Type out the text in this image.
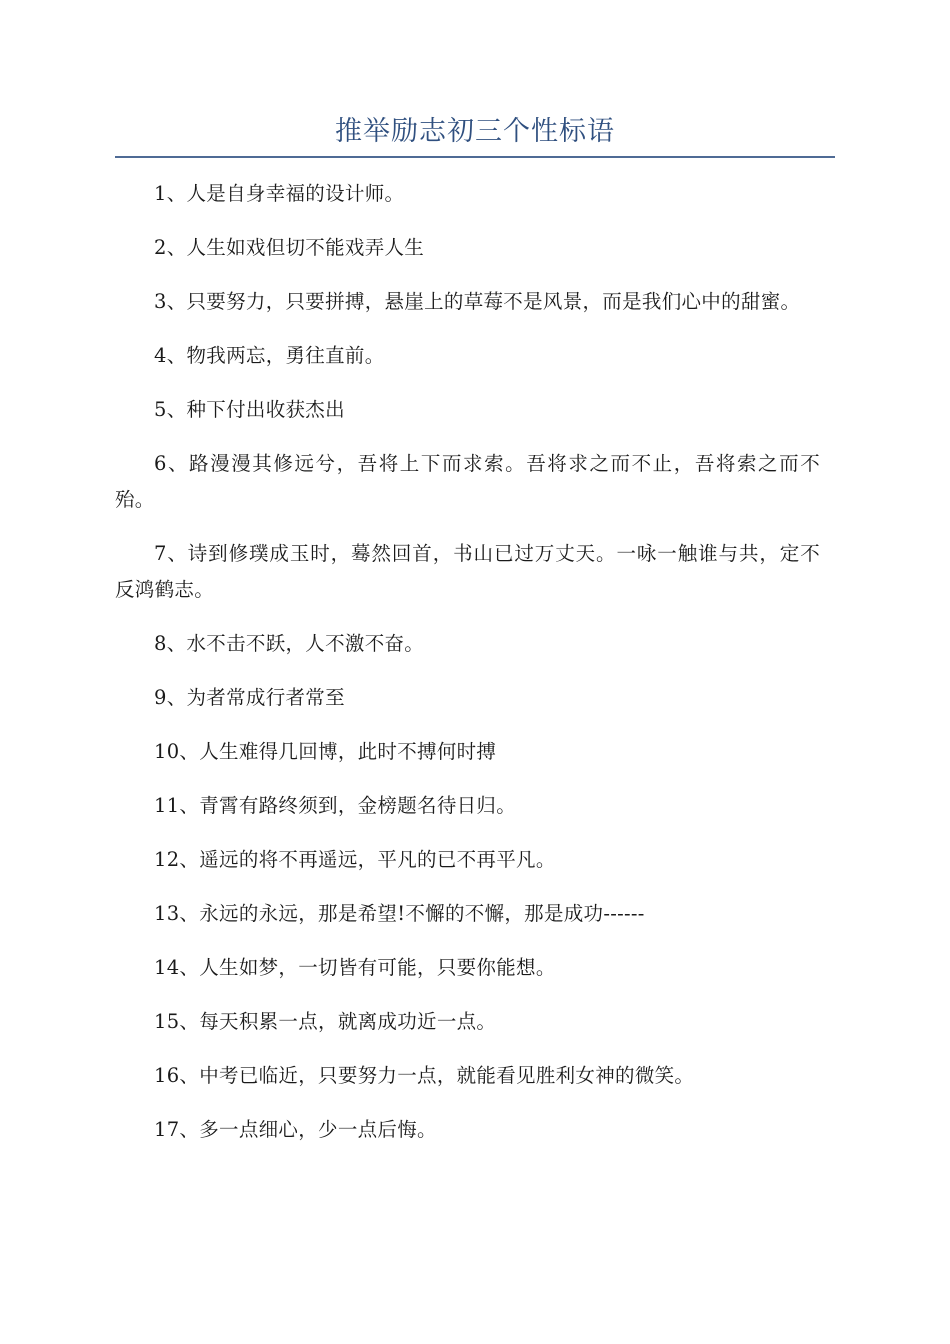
推举励志初三个性标语

1、人是自身幸福的设计师。

2、人生如戏但切不能戏弄人生

3、只要努力，只要拼搏，悬崖上的草莓不是风景，而是我们心中的甜蜜。

4、物我两忘，勇往直前。

5、种下付出收获杰出

6、路漫漫其修远兮，吾将上下而求索。吾将求之而不止，吾将索之而不殆。

7、诗到修璞成玉时，蓦然回首，书山已过万丈天。一咏一触谁与共，定不反鸿鹤志。

8、水不击不跃，人不激不奋。

9、为者常成行者常至

10、人生难得几回博，此时不搏何时搏

11、青霄有路终须到，金榜题名待日归。

12、遥远的将不再遥远，平凡的已不再平凡。

13、永远的永远，那是希望!不懈的不懈，那是成功------

14、人生如梦，一切皆有可能，只要你能想。

15、每天积累一点，就离成功近一点。

16、中考已临近，只要努力一点，就能看见胜利女神的微笑。

17、多一点细心，少一点后悔。
